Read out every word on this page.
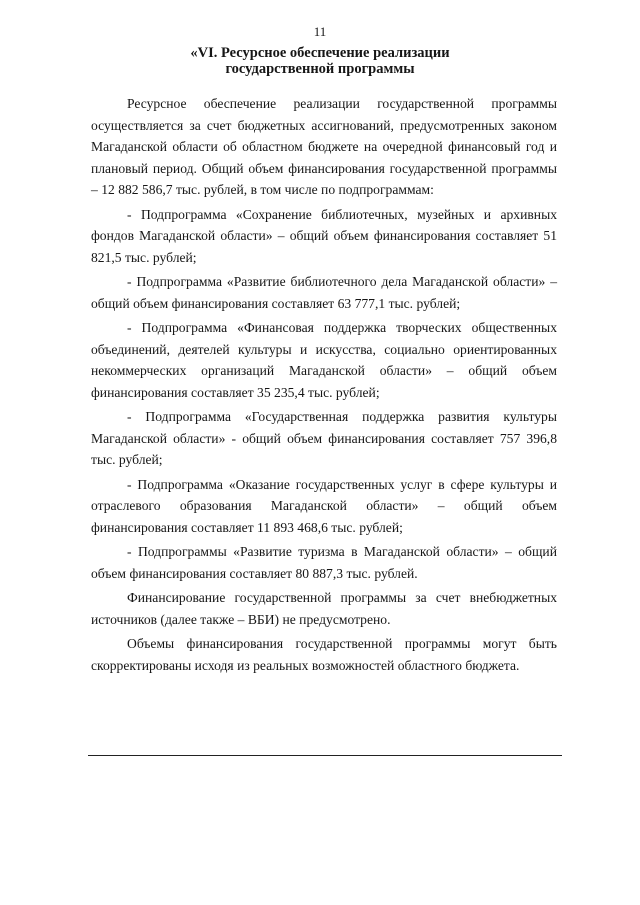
11
«VI. Ресурсное обеспечение реализации
государственной программы

Ресурсное обеспечение реализации государственной программы осуществляется за счет бюджетных ассигнований, предусмотренных законом Магаданской области об областном бюджете на очередной финансовый год и плановый период. Общий объем финансирования государственной программы – 12 882 586,7 тыс. рублей, в том числе по подпрограммам:

- Подпрограмма «Сохранение библиотечных, музейных и архивных фондов Магаданской области» – общий объем финансирования составляет 51 821,5 тыс. рублей;

- Подпрограмма «Развитие библиотечного дела Магаданской области» – общий объем финансирования составляет 63 777,1 тыс. рублей;

- Подпрограмма «Финансовая поддержка творческих общественных объединений, деятелей культуры и искусства, социально ориентированных некоммерческих организаций Магаданской области» – общий объем финансирования составляет 35 235,4 тыс. рублей;

- Подпрограмма «Государственная поддержка развития культуры Магаданской области» - общий объем финансирования составляет 757 396,8 тыс. рублей;

- Подпрограмма «Оказание государственных услуг в сфере культуры и отраслевого образования Магаданской области» – общий объем финансирования составляет 11 893 468,6 тыс. рублей;

- Подпрограммы «Развитие туризма в Магаданской области» – общий объем финансирования составляет 80 887,3 тыс. рублей.

Финансирование государственной программы за счет внебюджетных источников (далее также – ВБИ) не предусмотрено.

Объемы финансирования государственной программы могут быть скорректированы исходя из реальных возможностей областного бюджета.
